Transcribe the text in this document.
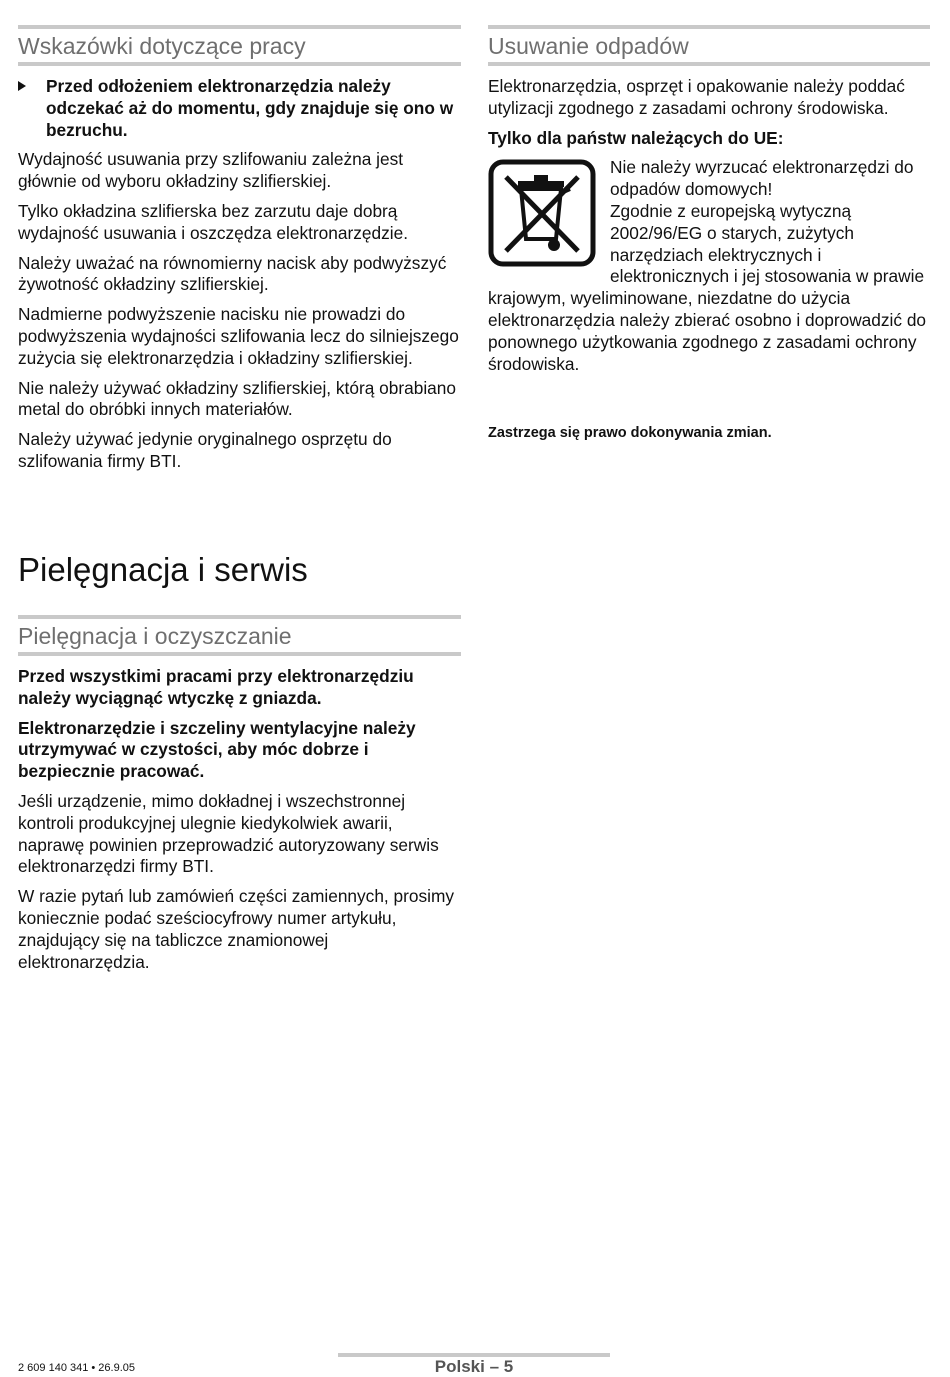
Wskazówki dotyczące pracy

Przed odłożeniem elektronarzędzia należy odczekać aż do momentu, gdy znajduje się ono w bezruchu.

Wydajność usuwania przy szlifowaniu zależna jest głównie od wyboru okładziny szlifierskiej.

Tylko okładzina szlifierska bez zarzutu daje dobrą wydajność usuwania i oszczędza elektronarzędzie.

Należy uważać na równomierny nacisk aby podwyższyć żywotność okładziny szlifierskiej.

Nadmierne podwyższenie nacisku nie prowadzi do podwyższenia wydajności szlifowania lecz do silniejszego zużycia się elektronarzędzia i okładziny szlifierskiej.

Nie należy używać okładziny szlifierskiej, którą obrabiano metal do obróbki innych materiałów.

Należy używać jedynie oryginalnego osprzętu do szlifowania firmy BTI.

Pielęgnacja i serwis
Pielęgnacja i oczyszczanie

Przed wszystkimi pracami przy elektronarzędziu należy wyciągnąć wtyczkę z gniazda.

Elektronarzędzie i szczeliny wentylacyjne należy utrzymywać w czystości, aby móc dobrze i bezpiecznie pracować.

Jeśli urządzenie, mimo dokładnej i wszechstronnej kontroli produkcyjnej ulegnie kiedykolwiek awarii, naprawę powinien przeprowadzić autoryzowany serwis elektronarzędzi firmy BTI.

W razie pytań lub zamówień części zamiennych, prosimy koniecznie podać sześciocyfrowy numer artykułu, znajdujący się na tabliczce znamionowej elektronarzędzia.

Usuwanie odpadów

Elektronarzędzia, osprzęt i opakowanie należy poddać utylizacji zgodnego z zasadami ochrony środowiska.

Tylko dla państw należących do UE:

Nie należy wyrzucać elektronarzędzi do odpadów domowych!

Zgodnie z europejską wytyczną 2002/96/EG o starych, zużytych narzędziach elektrycznych i elektronicznych i jej stosowania w prawie krajowym, wyeliminowane, niezdatne do użycia elektronarzędzia należy zbierać osobno i doprowadzić do ponownego użytkowania zgodnego z zasadami ochrony środowiska.

Zastrzega się prawo dokonywania zmian.

2 609 140 341 • 26.9.05	Polski – 5
